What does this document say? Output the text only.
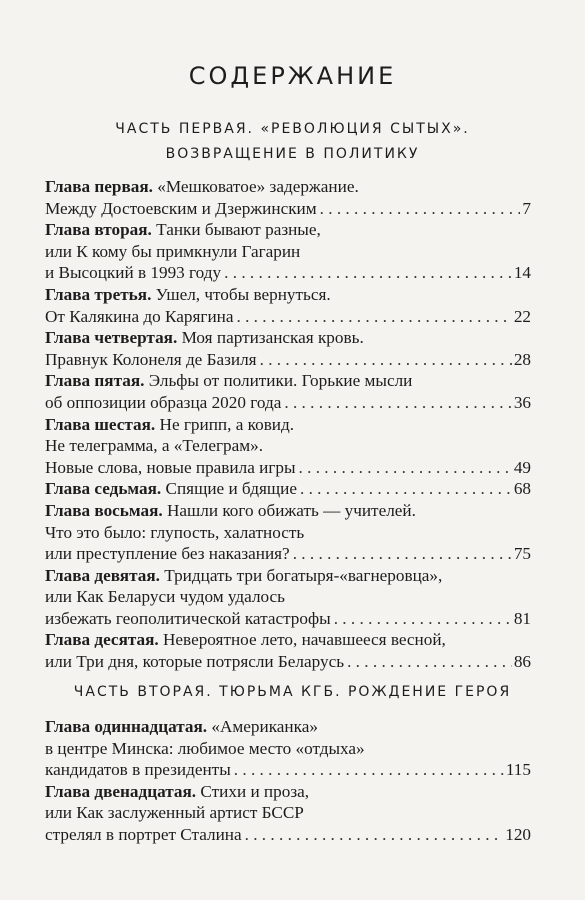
СОДЕРЖАНИЕ
ЧАСТЬ ПЕРВАЯ. «РЕВОЛЮЦИЯ СЫТЫХ».
ВОЗВРАЩЕНИЕ В ПОЛИТИКУ
Глава первая. «Мешковатое» задержание.
Между Достоевским и Дзержинским . . .	7
Глава вторая. Танки бывают разные,
или К кому бы примкнули Гагарин
и Высоцкий в 1993 году . . .	14
Глава третья. Ушел, чтобы вернуться.
От Калякина до Карягина . . .	22
Глава четвертая. Моя партизанская кровь.
Правнук Колонеля де Базиля . . .	28
Глава пятая. Эльфы от политики. Горькие мысли
об оппозиции образца 2020 года . . .	36
Глава шестая. Не грипп, а ковид.
Не телеграмма, а «Телеграм».
Новые слова, новые правила игры . . .	49
Глава седьмая. Спящие и бдящие . . .	68
Глава восьмая. Нашли кого обижать — учителей.
Что это было: глупость, халатность
или преступление без наказания? . . .	75
Глава девятая. Тридцать три богатыря-«вагнеровца»,
или Как Беларуси чудом удалось
избежать геополитической катастрофы . . .	81
Глава десятая. Невероятное лето, начавшееся весной,
или Три дня, которые потрясли Беларусь . . .	86
ЧАСТЬ ВТОРАЯ. ТЮРЬМА КГБ. РОЖДЕНИЕ ГЕРОЯ
Глава одиннадцатая. «Американка»
в центре Минска: любимое место «отдыха»
кандидатов в президенты . . .	115
Глава двенадцатая. Стихи и проза,
или Как заслуженный артист БССР
стрелял в портрет Сталина . . .	120
